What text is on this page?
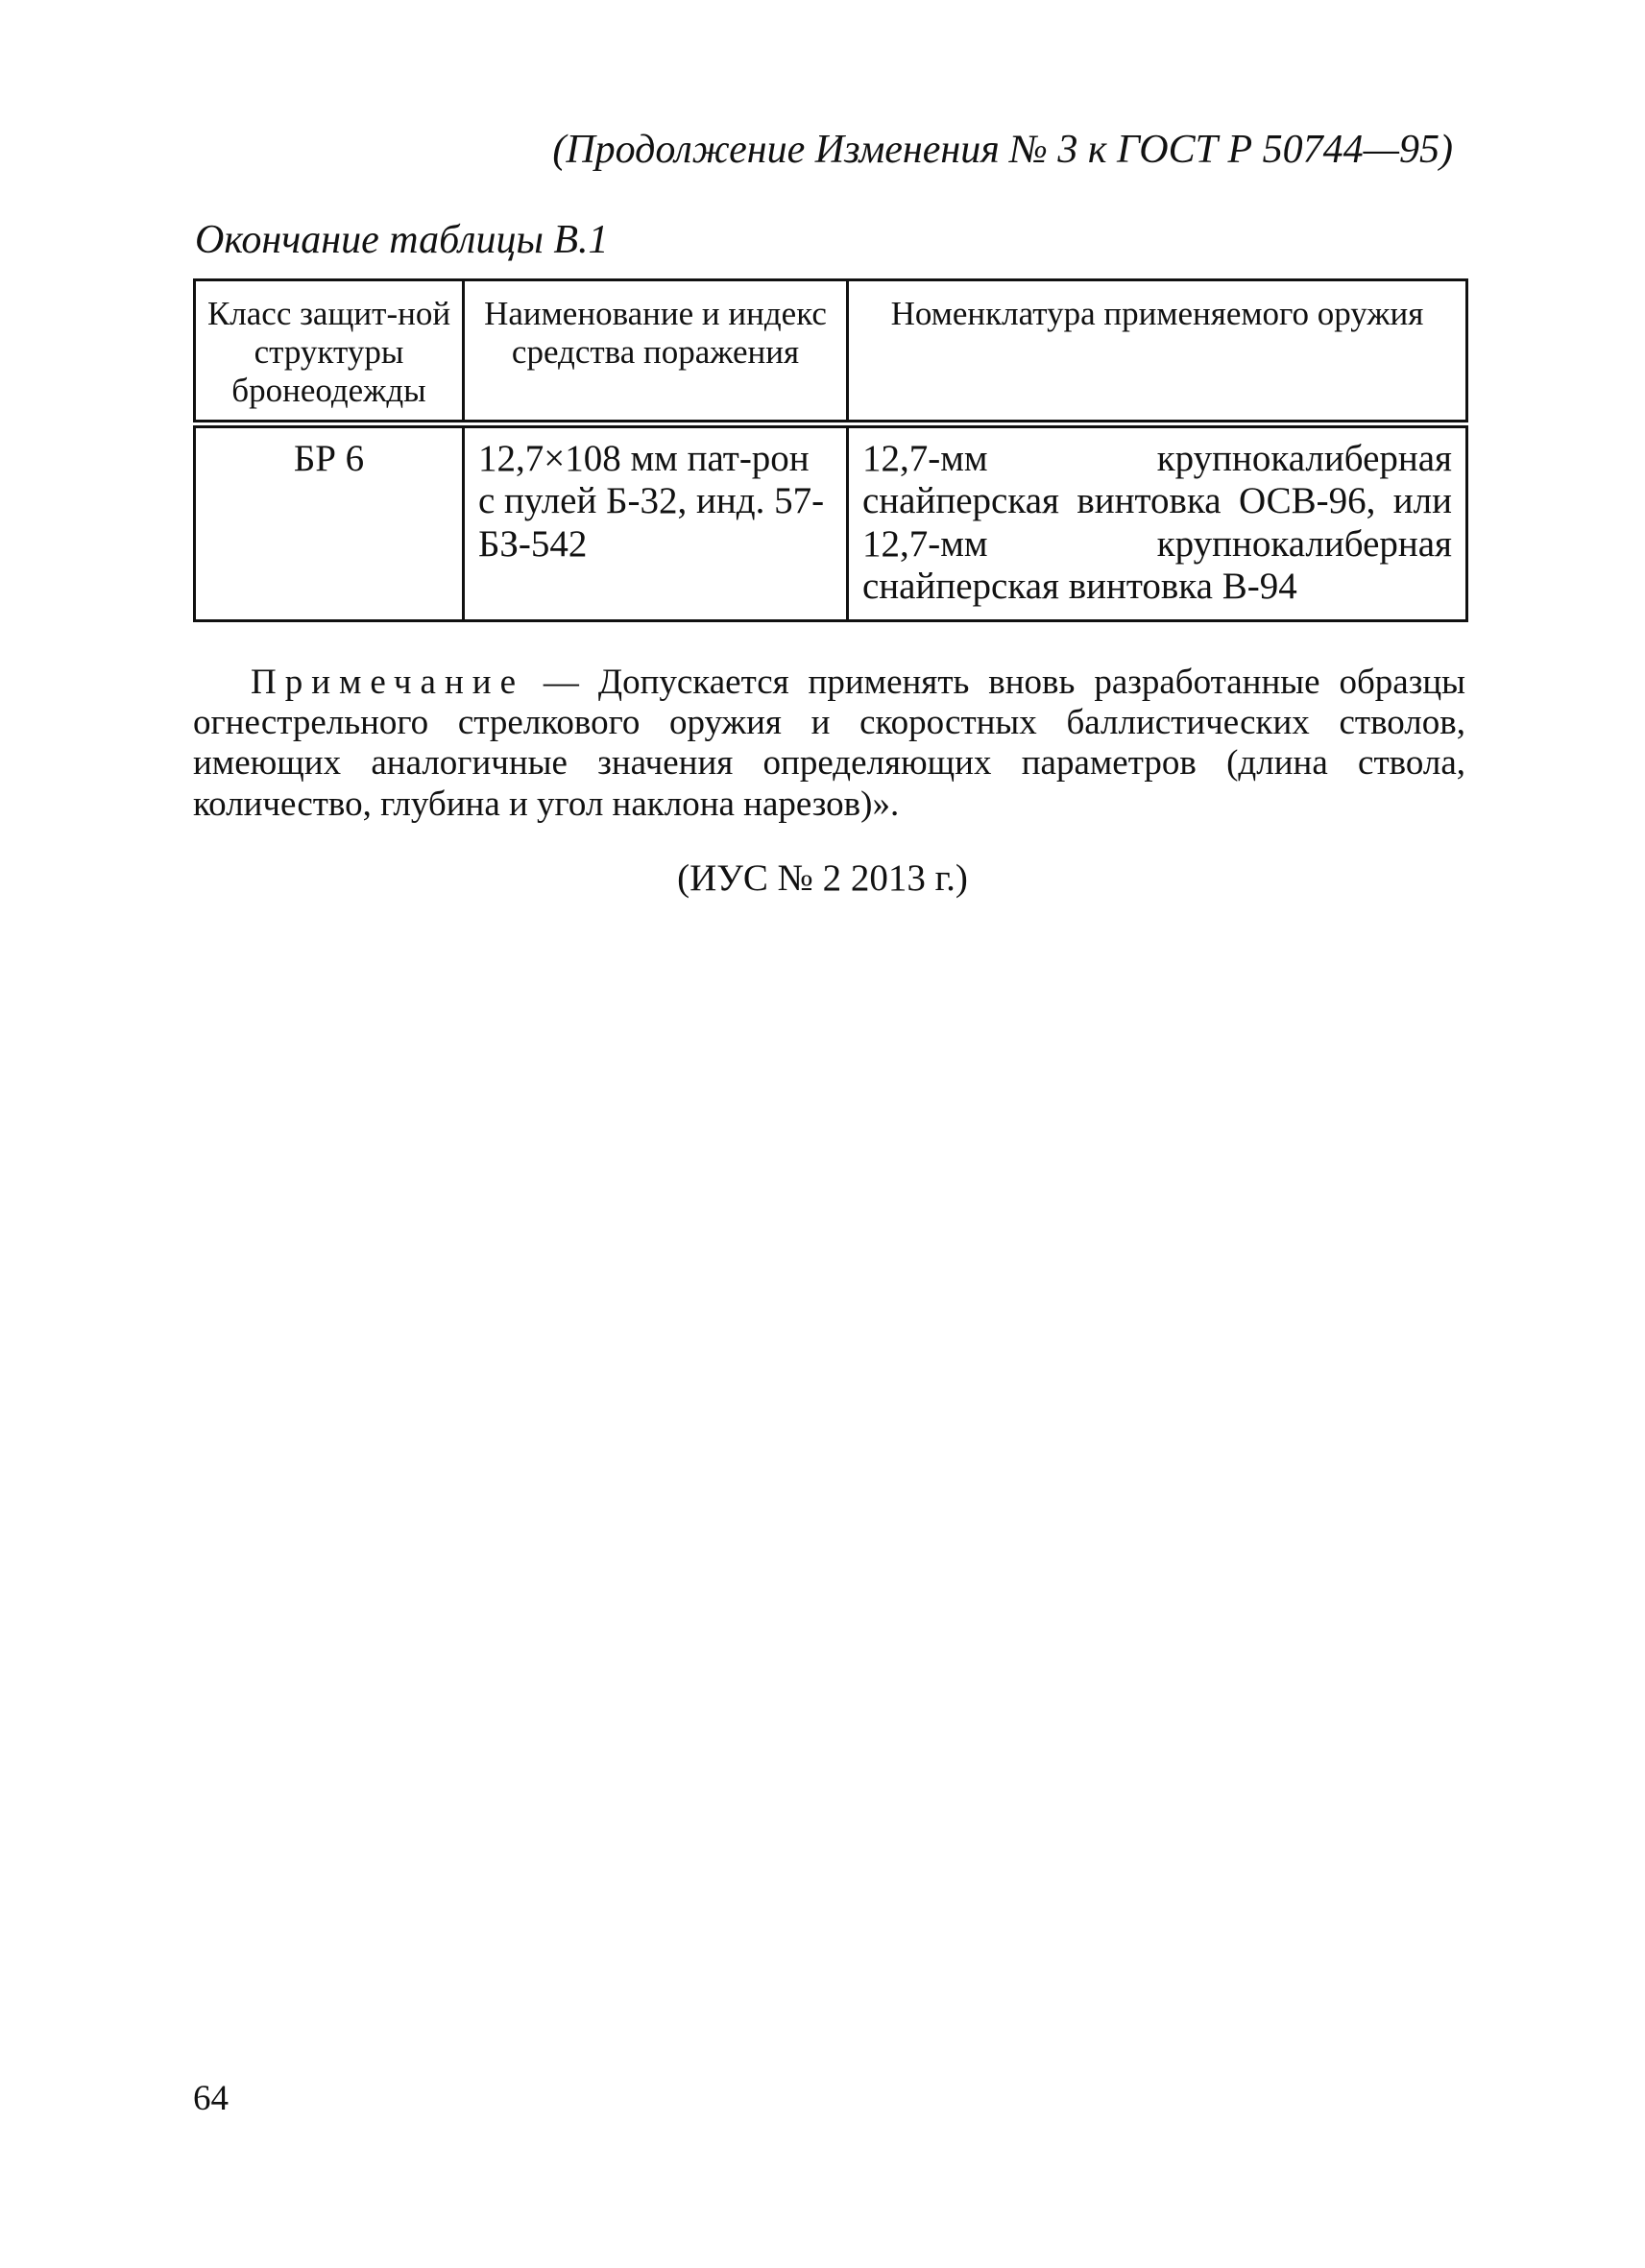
(Продолжение Изменения № 3 к ГОСТ Р 50744—95)
Окончание таблицы В.1
Класс защит-ной структуры бронеодежды	Наименование и индекс средства поражения	Номенклатура применяемого оружия
БР 6	12,7×108 мм пат-рон с пулей Б-32, инд. 57-БЗ-542	12,7-мм крупнокалиберная снайперская винтовка ОСВ-96, или 12,7-мм крупнокалиберная снайперская винтовка В-94
Примечание — Допускается применять вновь разработанные образцы огнестрельного стрелкового оружия и скоростных баллистических стволов, имеющих аналогичные значения определяющих параметров (длина ствола, количество, глубина и угол наклона нарезов)».
(ИУС № 2 2013 г.)
64
